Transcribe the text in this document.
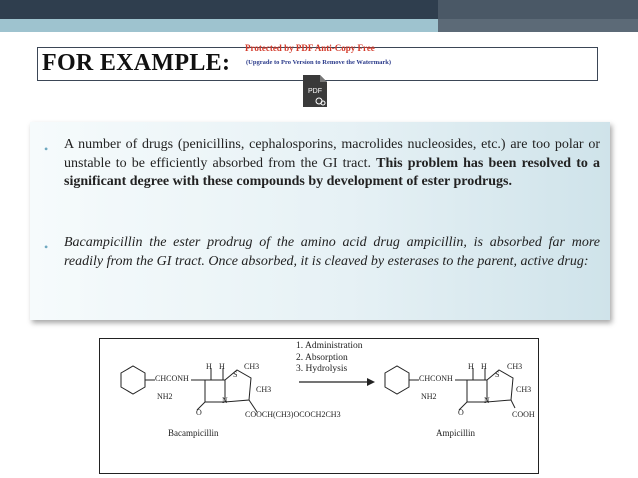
FOR EXAMPLE:
Protected by PDF Anti-Copy Free
(Upgrade to Pro Version to Remove the Watermark)
PDF
• A number of drugs (penicillins, cephalosporins, macrolides nucleosides, etc.) are too polar or unstable to be efficiently absorbed from the GI tract. This problem has been resolved to a significant degree with these compounds by development of ester prodrugs.
• Bacampicillin the ester prodrug of the amino acid drug ampicillin, is absorbed far more readily from the GI tract. Once absorbed, it is cleaved by esterases to the parent, active drug:
1. Administration
2. Absorption
3. Hydrolysis
CHCONH
NH2
H H
S
CH3
CH3
N
O	COOCH(CH3)OCOCH2CH3
Bacampicillin
CHCONH
NH2
H H
S
CH3
CH3
N
O	COOH
Ampicillin
